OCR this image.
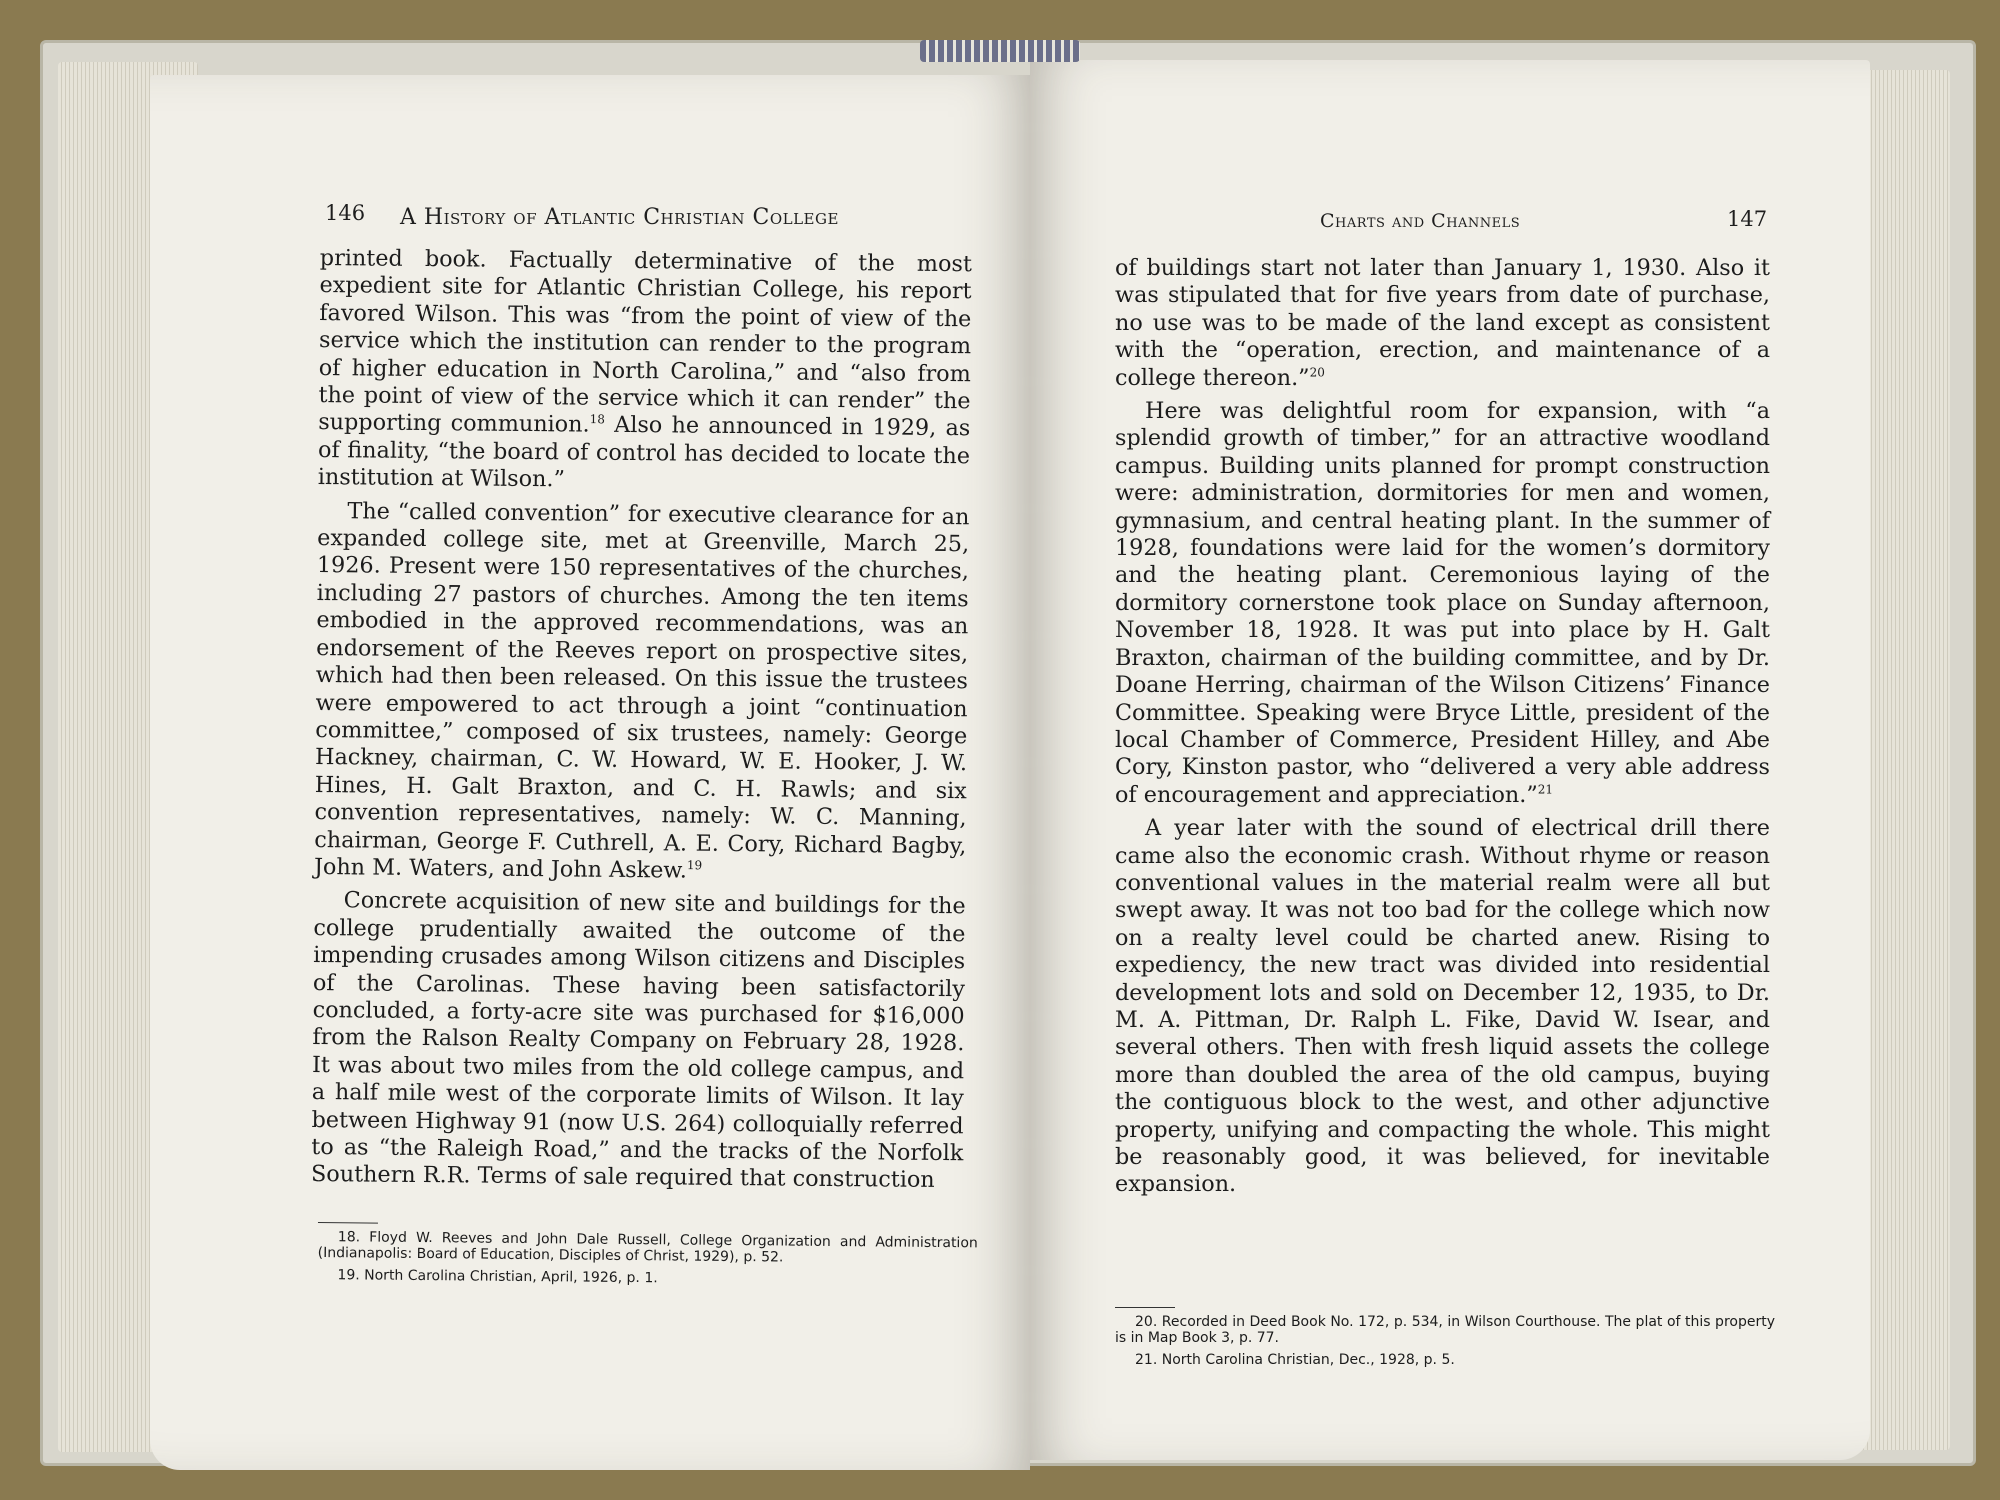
146 A History of Atlantic Christian College

printed book. Factually determinative of the most expedient site for Atlantic Christian College, his report favored Wilson. This was “from the point of view of the service which the institution can render to the program of higher education in North Carolina,” and “also from the point of view of the service which it can render” the supporting communion.$^{18}$ Also he announced in 1929, as of finality, “the board of control has decided to locate the institution at Wilson.”

The “called convention” for executive clearance for an expanded college site, met at Greenville, March 25, 1926. Present were 150 representatives of the churches, including 27 pastors of churches. Among the ten items embodied in the approved recommendations, was an endorsement of the Reeves report on prospective sites, which had then been released. On this issue the trustees were empowered to act through a joint “continuation committee,” composed of six trustees, namely: George Hackney, chairman, C. W. Howard, W. E. Hooker, J. W. Hines, H. Galt Braxton, and C. H. Rawls; and six convention representatives, namely: W. C. Manning, chairman, George F. Cuthrell, A. E. Cory, Richard Bagby, John M. Waters, and John Askew.$^{19}$

Concrete acquisition of new site and buildings for the college prudentially awaited the outcome of the impending crusades among Wilson citizens and Disciples of the Carolinas. These having been satisfactorily concluded, a forty-acre site was purchased for $16,000 from the Ralson Realty Company on February 28, 1928. It was about two miles from the old college campus, and a half mile west of the corporate limits of Wilson. It lay between Highway 91 (now U.S. 264) colloquially referred to as “the Raleigh Road,” and the tracks of the Norfolk Southern R.R. Terms of sale required that construction

18. Floyd W. Reeves and John Dale Russell, College Organization and Administration (Indianapolis: Board of Education, Disciples of Christ, 1929), p. 52.

19. North Carolina Christian, April, 1926, p. 1.

Charts and Channels	147

of buildings start not later than January 1, 1930. Also it was stipulated that for five years from date of purchase, no use was to be made of the land except as consistent with the “operation, erection, and maintenance of a college thereon.”$^{20}$

Here was delightful room for expansion, with “a splendid growth of timber,” for an attractive woodland campus. Building units planned for prompt construction were: administration, dormitories for men and women, gymnasium, and central heating plant. In the summer of 1928, foundations were laid for the women’s dormitory and the heating plant. Ceremonious laying of the dormitory cornerstone took place on Sunday afternoon, November 18, 1928. It was put into place by H. Galt Braxton, chairman of the building committee, and by Dr. Doane Herring, chairman of the Wilson Citizens’ Finance Committee. Speaking were Bryce Little, president of the local Chamber of Commerce, President Hilley, and Abe Cory, Kinston pastor, who “delivered a very able address of encouragement and appreciation.”$^{21}$

A year later with the sound of electrical drill there came also the economic crash. Without rhyme or reason conventional values in the material realm were all but swept away. It was not too bad for the college which now on a realty level could be charted anew. Rising to expediency, the new tract was divided into residential development lots and sold on December 12, 1935, to Dr. M. A. Pittman, Dr. Ralph L. Fike, David W. Isear, and several others. Then with fresh liquid assets the college more than doubled the area of the old campus, buying the contiguous block to the west, and other adjunctive property, unifying and compacting the whole. This might be reasonably good, it was believed, for inevitable expansion.

20. Recorded in Deed Book No. 172, p. 534, in Wilson Courthouse. The plat of this property is in Map Book 3, p. 77.

21. North Carolina Christian, Dec., 1928, p. 5.
